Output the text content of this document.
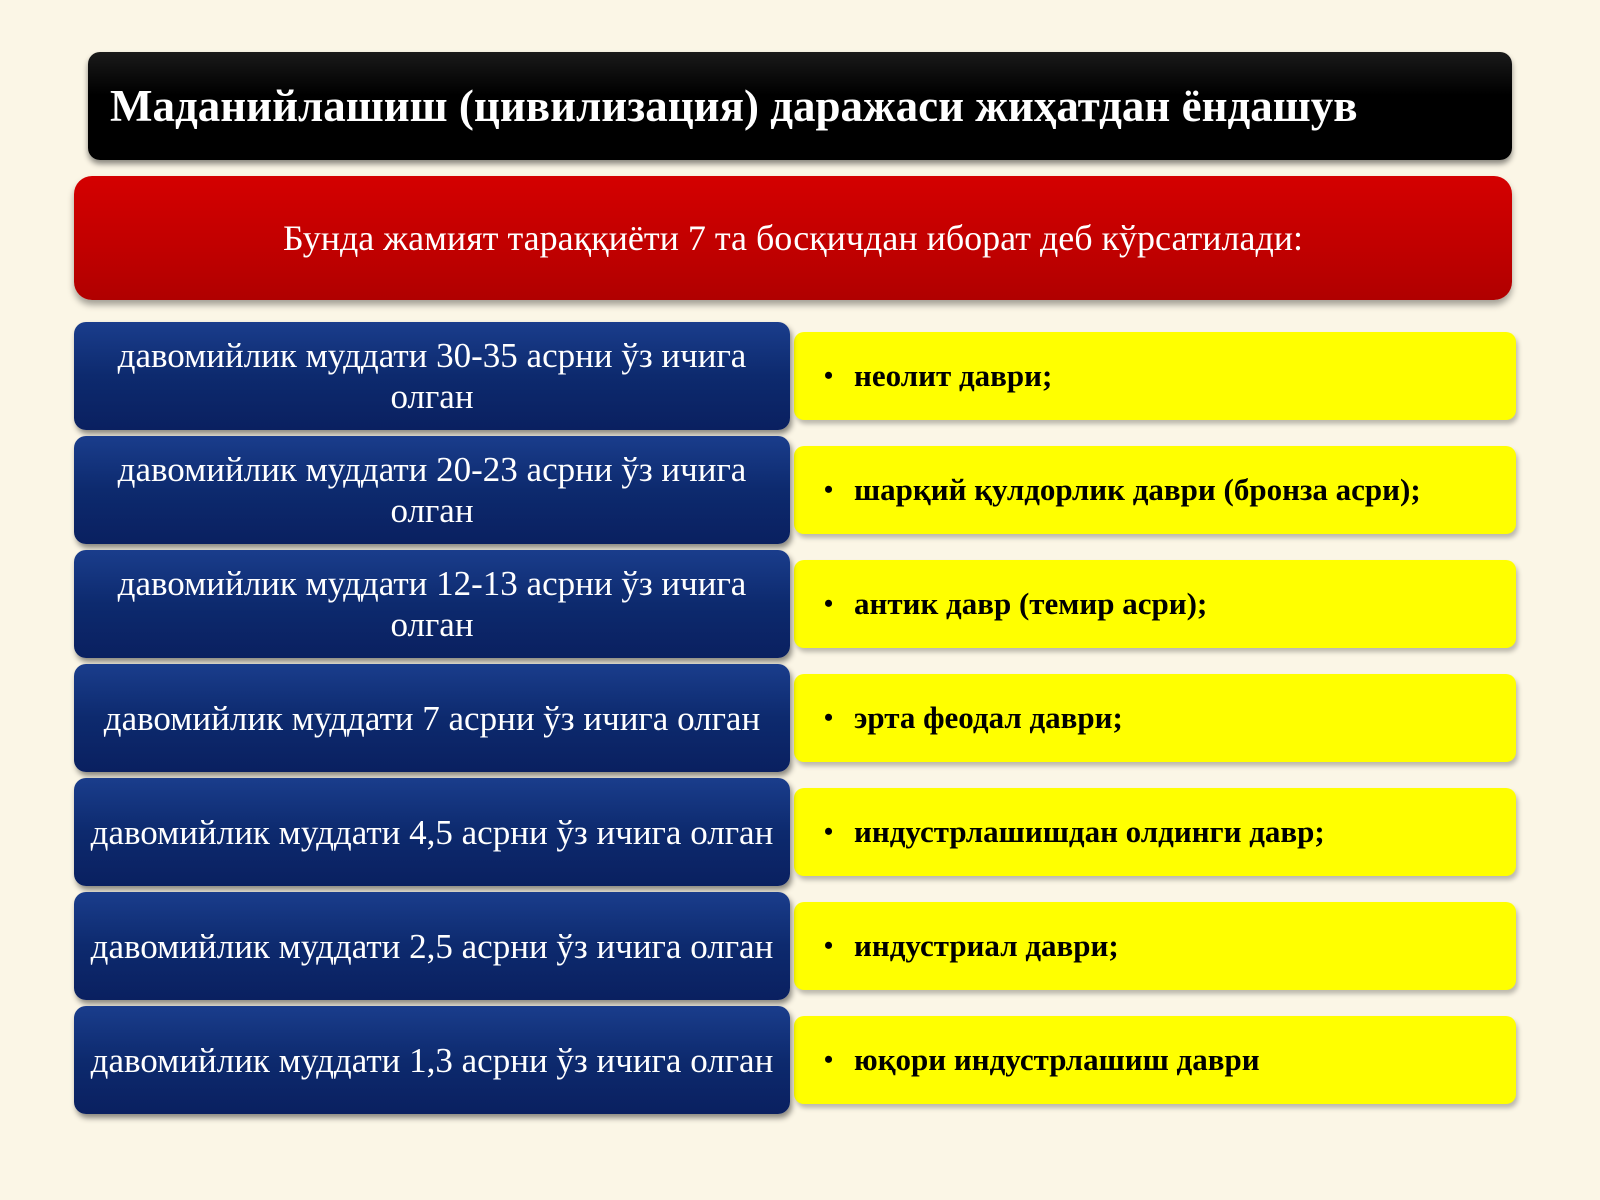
Маданийлашиш (цивилизация) даражаси жиҳатдан ёндашув
Бунда жамият тараққиёти 7 та босқичдан иборат деб кўрсатилади:
давомийлик муддати 30-35 асрни ўз ичига олган
• неолит даври;
давомийлик муддати 20-23 асрни ўз ичига олган
• шарқий қулдорлик даври (бронза асри);
давомийлик муддати 12-13 асрни ўз ичига олган
• антик давр (темир асри);
давомийлик муддати 7 асрни ўз ичига олган • эрта феодал даври;
давомийлик муддати 4,5 асрни ўз ичига олган • индустрлашишдан олдинги давр;
давомийлик муддати 2,5 асрни ўз ичига олган • индустриал даври;
давомийлик муддати 1,3 асрни ўз ичига олган • юқори индустрлашиш даври
